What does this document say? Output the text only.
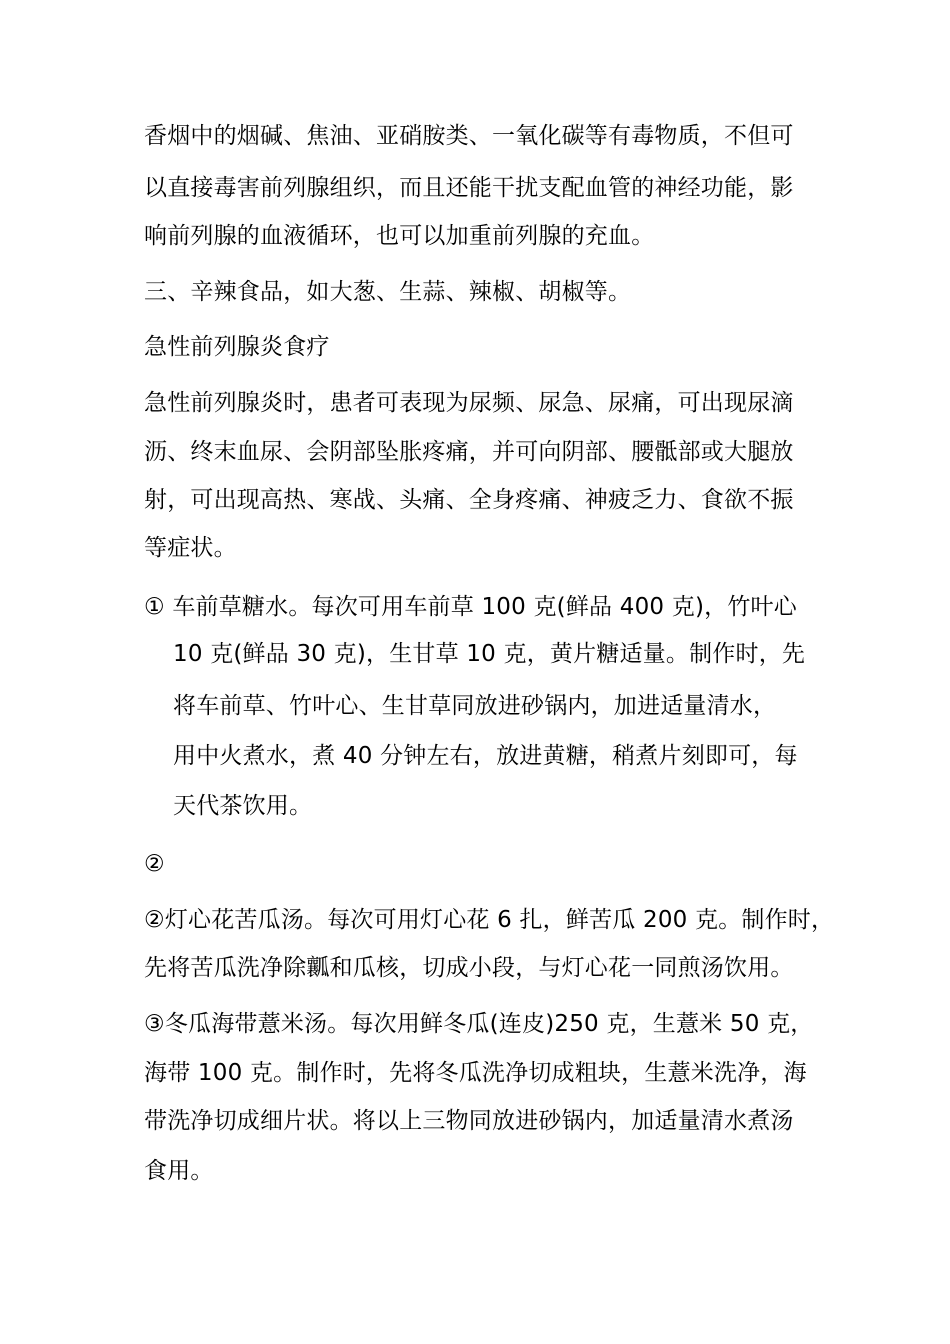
香烟中的烟碱、焦油、亚硝胺类、一氧化碳等有毒物质，不但可
以直接毒害前列腺组织，而且还能干扰支配血管的神经功能，影
响前列腺的血液循环，也可以加重前列腺的充血。
三、辛辣食品，如大葱、生蒜、辣椒、胡椒等。
急性前列腺炎食疗
急性前列腺炎时，患者可表现为尿频、尿急、尿痛，可出现尿滴
沥、终末血尿、会阴部坠胀疼痛，并可向阴部、腰骶部或大腿放
射，可出现高热、寒战、头痛、全身疼痛、神疲乏力、食欲不振
等症状。
① 车前草糖水。每次可用车前草 100 克(鲜品 400 克)，竹叶心
10 克(鲜品 30 克)，生甘草 10 克，黄片糖适量。制作时，先
将车前草、竹叶心、生甘草同放进砂锅内，加进适量清水，
用中火煮水，煮 40 分钟左右，放进黄糖，稍煮片刻即可，每
天代茶饮用。
②
②灯心花苦瓜汤。每次可用灯心花 6 扎，鲜苦瓜 200 克。制作时，
先将苦瓜洗净除瓤和瓜核，切成小段，与灯心花一同煎汤饮用。
③冬瓜海带薏米汤。每次用鲜冬瓜(连皮)250 克，生薏米 50 克，
海带 100 克。制作时，先将冬瓜洗净切成粗块，生薏米洗净，海
带洗净切成细片状。将以上三物同放进砂锅内，加适量清水煮汤
食用。
